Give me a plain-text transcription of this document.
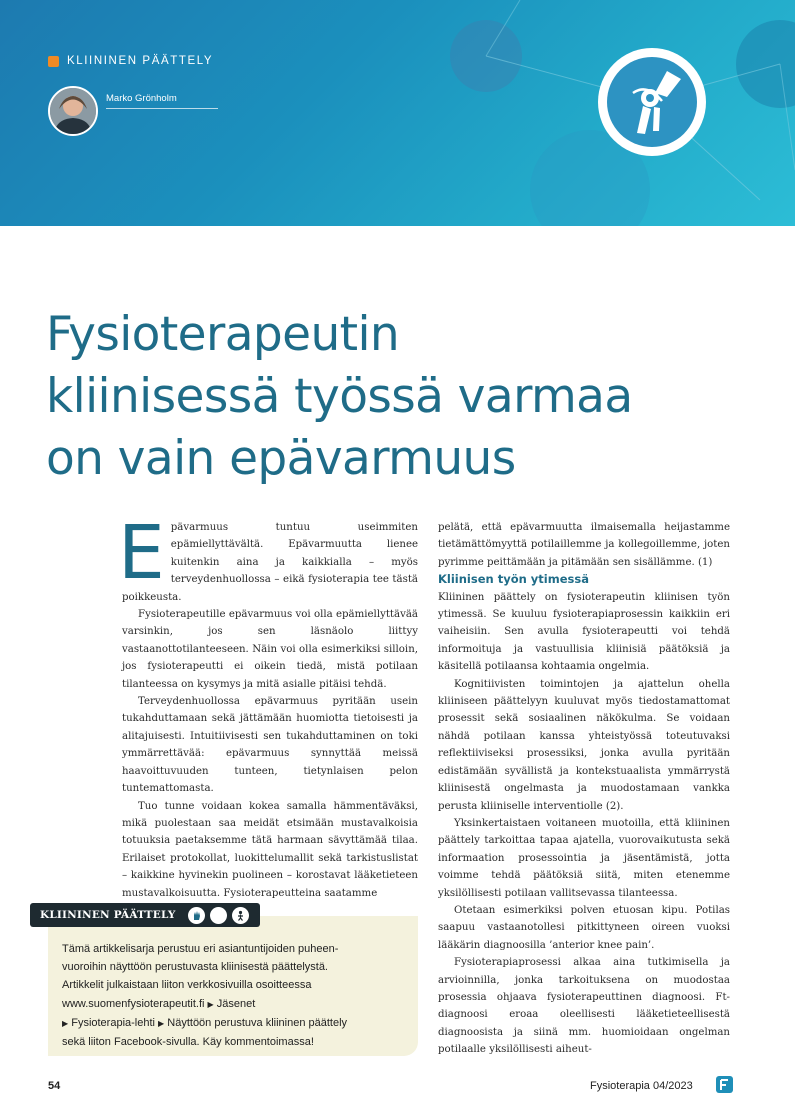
KLIININEN PÄÄTTELY
Marko Grönholm
Fysioterapeutin
kliinisessä työssä varmaa
on vain epävarmuus

Epävarmuus tuntuu useimmiten epämiellyttävältä. Epävarmuutta lienee kuitenkin aina ja kaikkialla – myös terveydenhuollossa – eikä fysioterapia tee tästä poikkeusta.

Fysioterapeutille epävarmuus voi olla epämiellyttävää varsinkin, jos sen läsnäolo liittyy vastaanottotilanteeseen. Näin voi olla esimerkiksi silloin, jos fysioterapeutti ei oikein tiedä, mistä potilaan tilanteessa on kysymys ja mitä asialle pitäisi tehdä.

Terveydenhuollossa epävarmuus pyritään usein tukahduttamaan sekä jättämään huomiotta tietoisesti ja alitajuisesti. Intuitiivisesti sen tukahduttaminen on toki ymmärrettävää: epävarmuus synnyttää meissä haavoittuvuuden tunteen, tietynlaisen pelon tuntemattomasta.

Tuo tunne voidaan kokea samalla hämmentäväksi, mikä puolestaan saa meidät etsimään mustavalkoisia totuuksia paetaksemme tätä harmaan sävyttämää tilaa. Erilaiset protokollat, luokittelumallit sekä tarkistuslistat – kaikkine hyvinekin puolineen – korostavat lääketieteen mustavalkoisuutta. Fysioterapeutteina saatamme

pelätä, että epävarmuutta ilmaisemalla heijastamme tietämättömyyttä potilaillemme ja kollegoillemme, joten pyrimme peittämään ja pitämään sen sisällämme. (1)

Kliinisen työn ytimessä

Kliininen päättely on fysioterapeutin kliinisen työn ytimessä. Se kuuluu fysioterapiaprosessin kaikkiin eri vaiheisiin. Sen avulla fysioterapeutti voi tehdä informoituja ja vastuullisia kliinisiä päätöksiä ja käsitellä potilaansa kohtaamia ongelmia.

Kognitiivisten toimintojen ja ajattelun ohella kliiniseen päättelyyn kuuluvat myös tiedostamattomat prosessit sekä sosiaalinen näkökulma. Se voidaan nähdä potilaan kanssa yhteistyössä toteutuvaksi reflektiiviseksi prosessiksi, jonka avulla pyritään edistämään syvällistä ja kontekstuaalista ymmärrystä kliinisestä ongelmasta ja muodostamaan vankka perusta kliiniselle interventiolle (2).

Yksinkertaistaen voitaneen muotoilla, että kliininen päättely tarkoittaa tapaa ajatella, vuorovaikutusta sekä informaation prosessointia ja jäsentämistä, jotta voimme tehdä päätöksiä siitä, miten etenemme yksilöllisesti potilaan vallitsevassa tilanteessa.

Otetaan esimerkiksi polven etuosan kipu. Potilas saapuu vastaanotollesi pitkittyneen oireen vuoksi lääkärin diagnoosilla ’anterior knee pain’.

Fysioterapiaprosessi alkaa aina tutkimisella ja arvioinnilla, jonka tarkoituksena on muodostaa prosessia ohjaava fysioterapeuttinen diagnoosi. Ft-diagnoosi eroaa oleellisesti lääketieteellisestä diagnoosista ja siinä mm. huomioidaan ongelman potilaalle yksilöllisesti aiheut-

KLIININEN PÄÄTTELY
Tämä artikkelisarja perustuu eri asiantuntijoiden puheen-
vuoroihin näyttöön perustuvasta kliinisestä päättelystä.
Artikkelit julkaistaan liiton verkkosivuilla osoitteessa
www.suomenfysioterapeutit.fi ▶ Jäsenet
▶ Fysioterapia-lehti ▶ Näyttöön perustuva kliininen päättely
sekä liiton Facebook-sivulla. Käy kommentoimassa!
54	Fysioterapia 04/2023
